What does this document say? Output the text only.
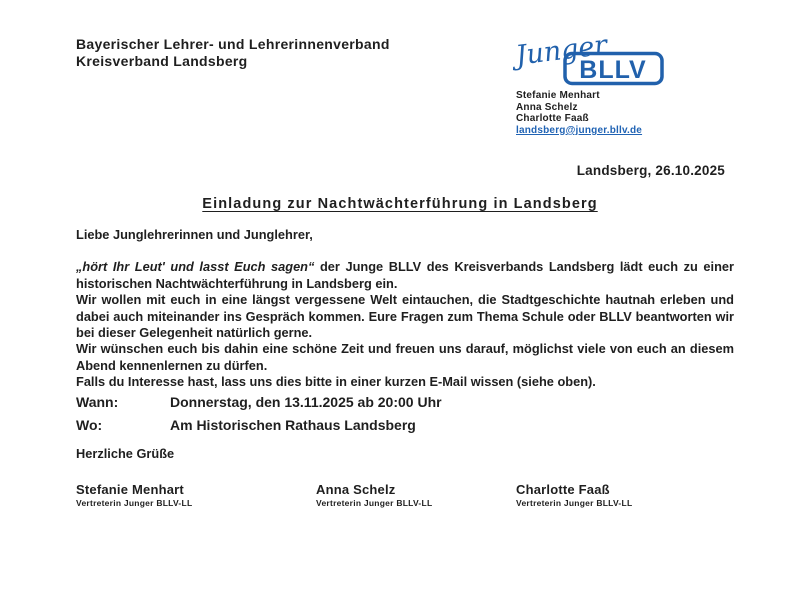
Bayerischer Lehrer- und Lehrerinnenverband
Kreisverband Landsberg	BLLV
Junger
Stefanie Menhart
Anna Schelz
Charlotte Faaß
landsberg@junger.bllv.de
Landsberg, 26.10.2025
Einladung zur Nachtwächterführung in Landsberg

Liebe Junglehrerinnen und Junglehrer,

„hört Ihr Leut' und lasst Euch sagen“ der Junge BLLV des Kreisverbands Landsberg lädt euch zu einer historischen Nachtwächterführung in Landsberg ein.

Wir wollen mit euch in eine längst vergessene Welt eintauchen, die Stadtgeschichte hautnah erleben und dabei auch miteinander ins Gespräch kommen. Eure Fragen zum Thema Schule oder BLLV beantworten wir bei dieser Gelegenheit natürlich gerne.

Wir wünschen euch bis dahin eine schöne Zeit und freuen uns darauf, möglichst viele von euch an diesem Abend kennenlernen zu dürfen.

Falls du Interesse hast, lass uns dies bitte in einer kurzen E-Mail wissen (siehe oben).

Wann:	Donnerstag, den 13.11.2025 ab 20:00 Uhr
Wo:	Am Historischen Rathaus Landsberg
Herzliche Grüße
Stefanie Menhart
Vertreterin Junger BLLV-LL
Anna Schelz
Vertreterin Junger BLLV-LL
Charlotte Faaß
Vertreterin Junger BLLV-LL
